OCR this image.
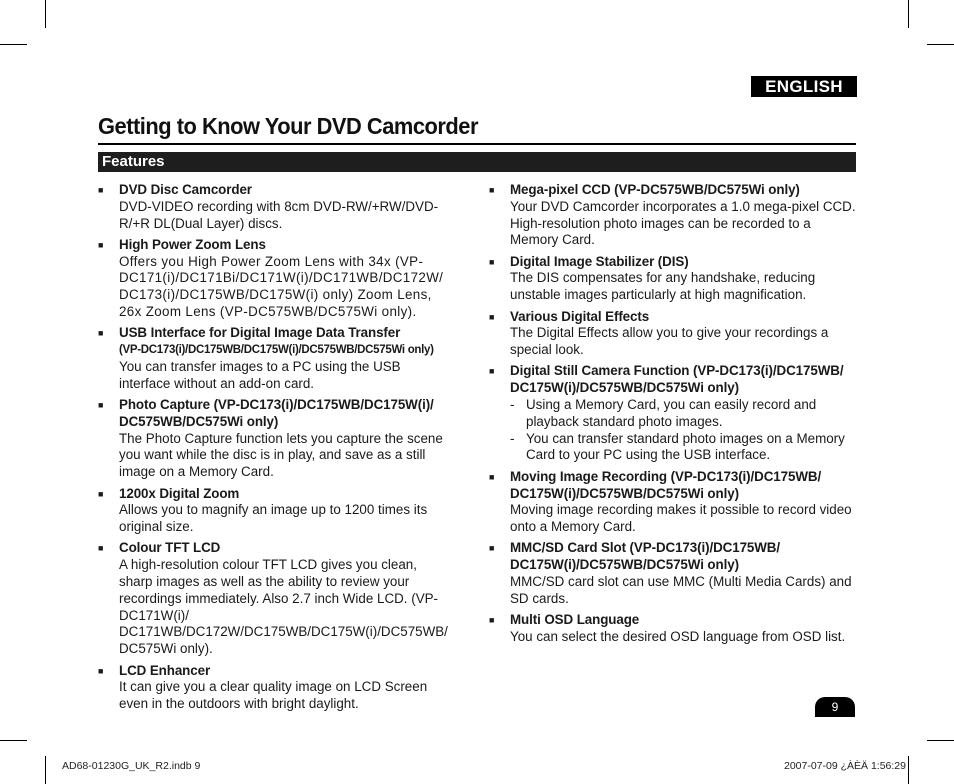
ENGLISH
Getting to Know Your DVD Camcorder
Features
■ DVD Disc Camcorder
DVD-VIDEO recording with 8cm DVD-RW/+RW/DVD-R/+R DL(Dual Layer) discs.
■ High Power Zoom Lens
Offers you High Power Zoom Lens with 34x (VP-DC171(i)/DC171Bi/DC171W(i)/DC171WB/DC172W/ DC173(i)/DC175WB/DC175W(i) only) Zoom Lens, 26x Zoom Lens (VP-DC575WB/DC575Wi only).
■ USB Interface for Digital Image Data Transfer
(VP-DC173(i)/DC175WB/DC175W(i)/DC575WB/DC575Wi only)
You can transfer images to a PC using the USB interface without an add-on card.
■ Photo Capture (VP-DC173(i)/DC175WB/DC175W(i)/ DC575WB/DC575Wi only)
The Photo Capture function lets you capture the scene you want while the disc is in play, and save as a still image on a Memory Card.
■ 1200x Digital Zoom
Allows you to magnify an image up to 1200 times its original size.
■ Colour TFT LCD
A high-resolution colour TFT LCD gives you clean, sharp images as well as the ability to review your recordings immediately. Also 2.7 inch Wide LCD. (VP-DC171W(i)/ DC171WB/DC172W/DC175WB/DC175W(i)/DC575WB/ DC575Wi only).
■ LCD Enhancer
It can give you a clear quality image on LCD Screen even in the outdoors with bright daylight.
■ Mega-pixel CCD (VP-DC575WB/DC575Wi only)
Your DVD Camcorder incorporates a 1.0 mega-pixel CCD. High-resolution photo images can be recorded to a Memory Card.
■ Digital Image Stabilizer (DIS)
The DIS compensates for any handshake, reducing unstable images particularly at high magnification.
■ Various Digital Effects
The Digital Effects allow you to give your recordings a special look.
■ Digital Still Camera Function (VP-DC173(i)/DC175WB/ DC175W(i)/DC575WB/DC575Wi only)
- Using a Memory Card, you can easily record and playback standard photo images.
- You can transfer standard photo images on a Memory Card to your PC using the USB interface.
■ Moving Image Recording (VP-DC173(i)/DC175WB/ DC175W(i)/DC575WB/DC575Wi only)
Moving image recording makes it possible to record video onto a Memory Card.
■ MMC/SD Card Slot (VP-DC173(i)/DC175WB/ DC175W(i)/DC575WB/DC575Wi only)
MMC/SD card slot can use MMC (Multi Media Cards) and SD cards.
■ Multi OSD Language
You can select the desired OSD language from OSD list.
9
AD68-01230G_UK_R2.indb 9	2007-07-09 ¿ÀÈÄ 1:56:29
